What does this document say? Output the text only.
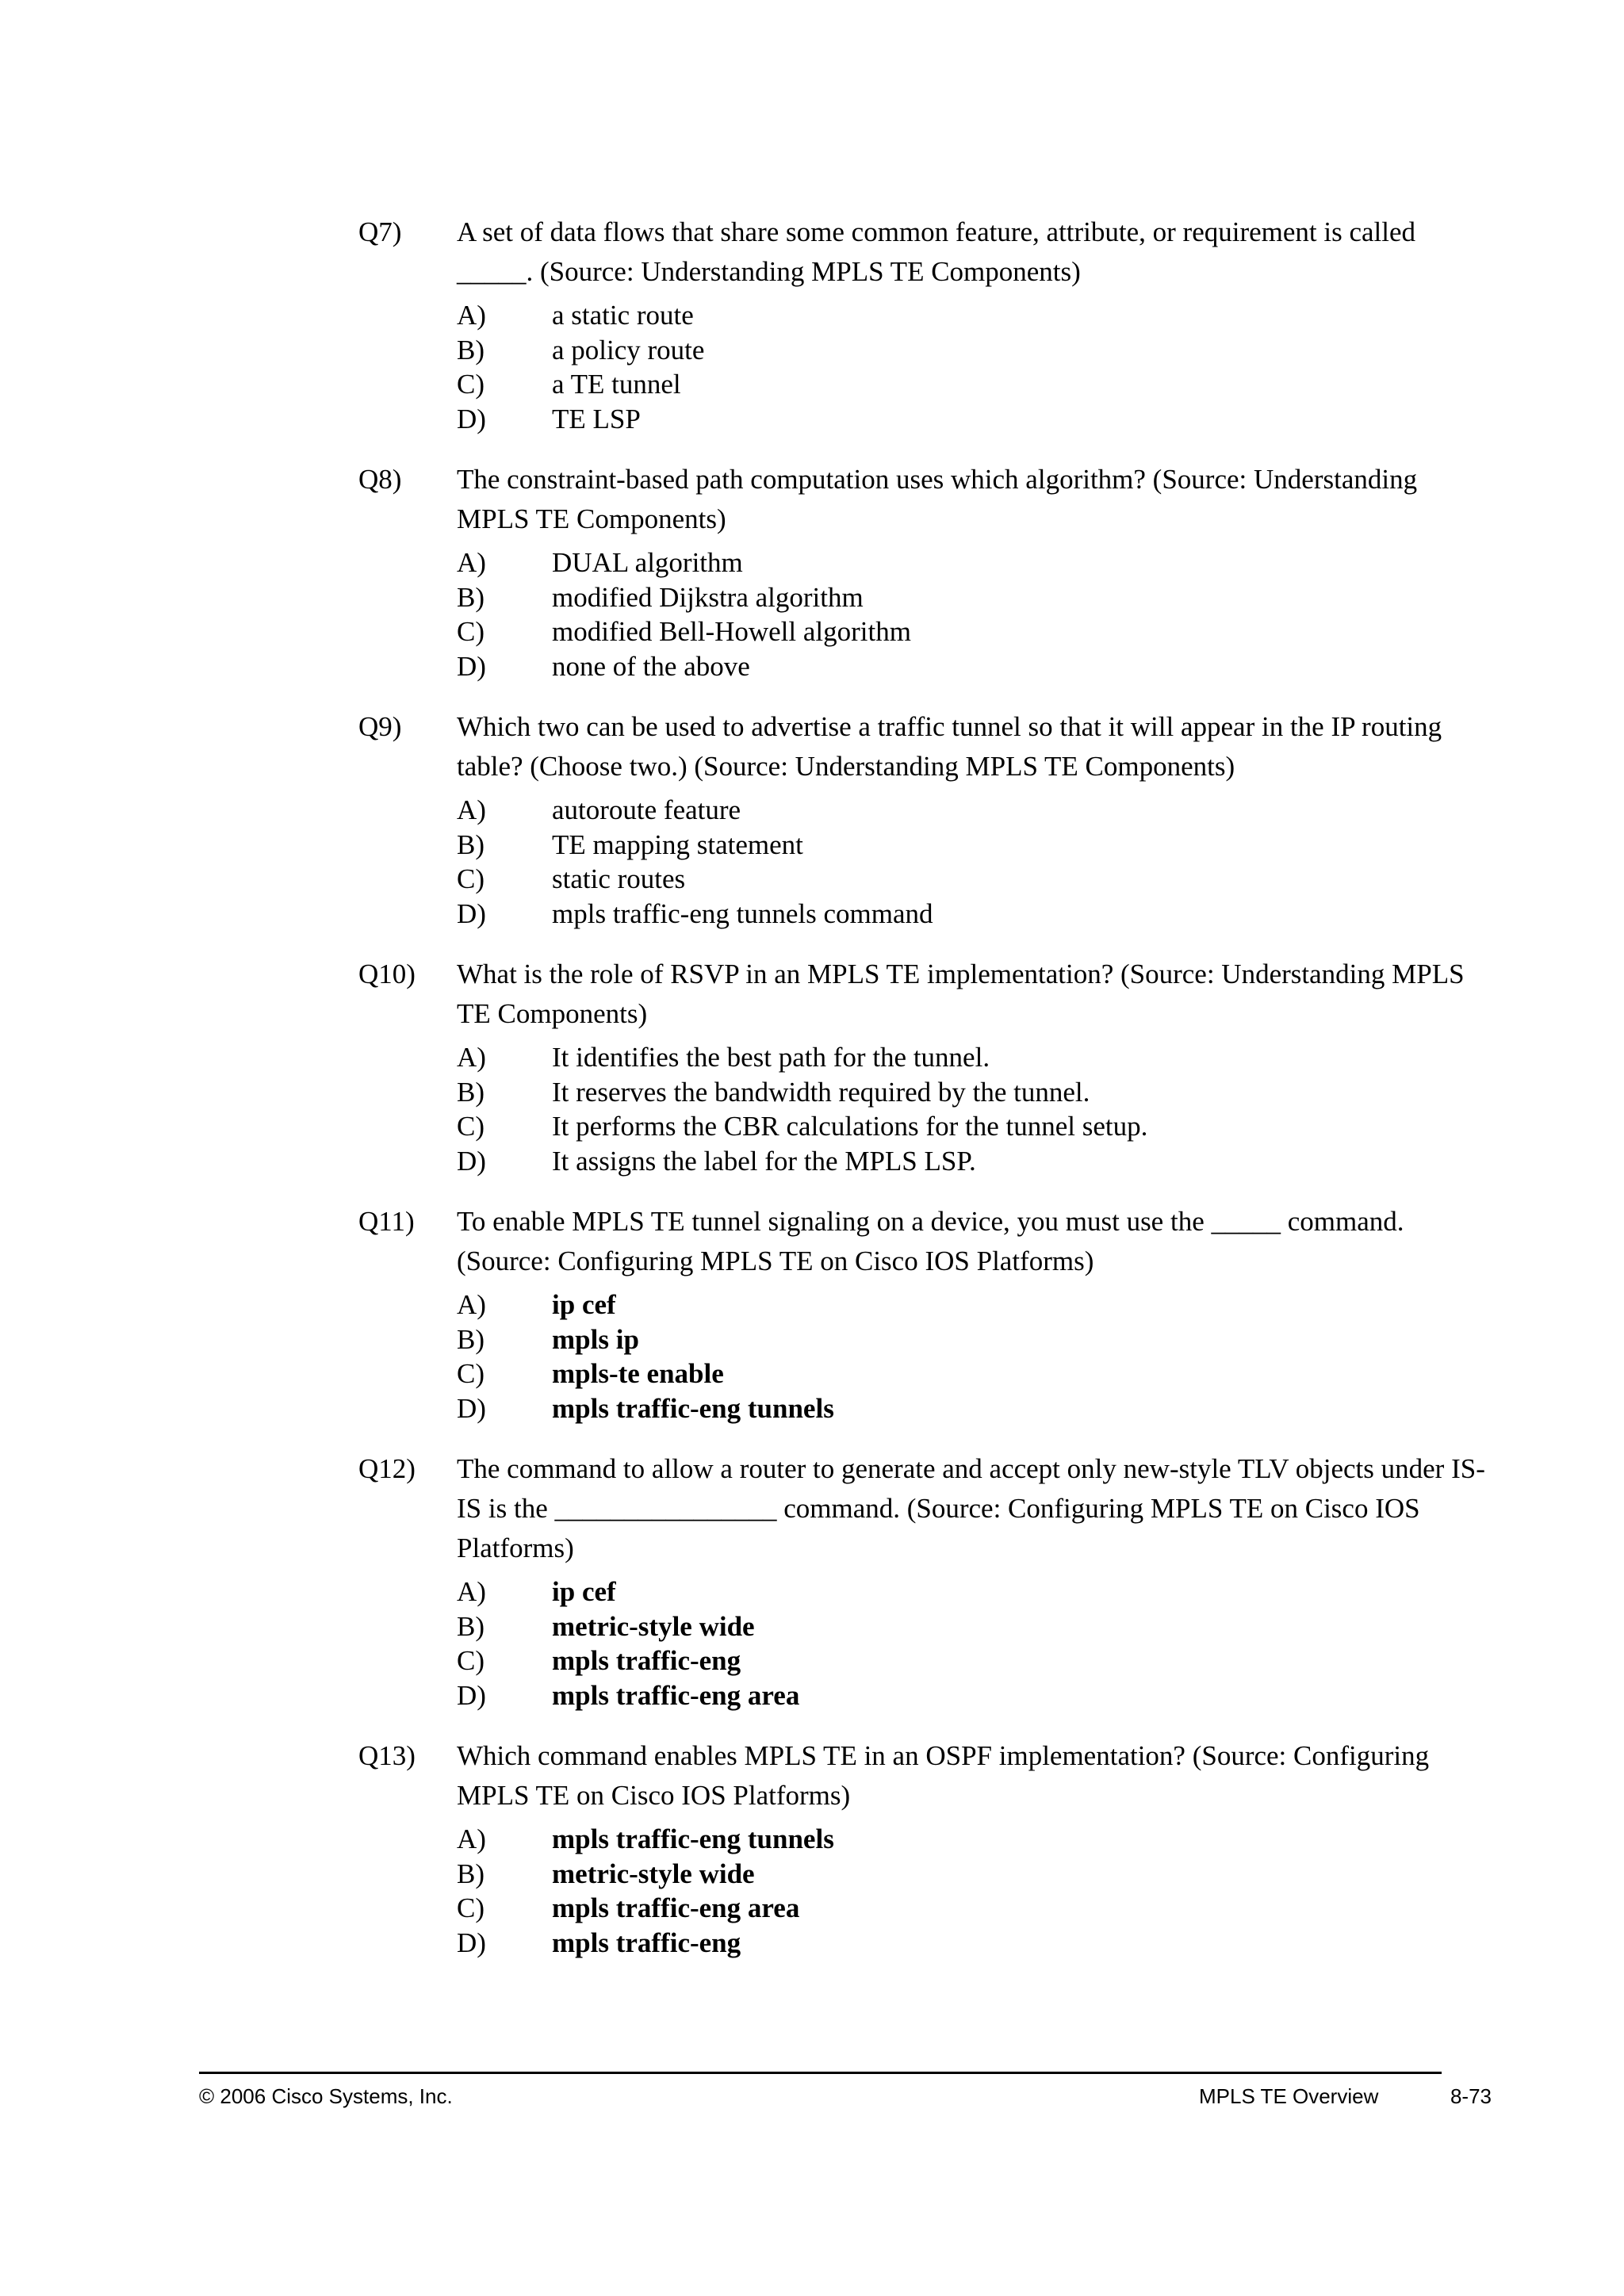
Q7)	A set of data flows that share some common feature, attribute, or requirement is called _____. (Source: Understanding MPLS TE Components)
A)	a static route
B)	a policy route
C)	a TE tunnel
D)	TE LSP
Q8)	The constraint-based path computation uses which algorithm? (Source: Understanding MPLS TE Components)
A)	DUAL algorithm
B)	modified Dijkstra algorithm
C)	modified Bell-Howell algorithm
D)	none of the above
Q9)	Which two can be used to advertise a traffic tunnel so that it will appear in the IP routing table? (Choose two.) (Source: Understanding MPLS TE Components)
A)	autoroute feature
B)	TE mapping statement
C)	static routes
D)	mpls traffic-eng tunnels command
Q10)	What is the role of RSVP in an MPLS TE implementation? (Source: Understanding MPLS TE Components)
A)	It identifies the best path for the tunnel.
B)	It reserves the bandwidth required by the tunnel.
C)	It performs the CBR calculations for the tunnel setup.
D)	It assigns the label for the MPLS LSP.
Q11)	To enable MPLS TE tunnel signaling on a device, you must use the _____ command. (Source: Configuring MPLS TE on Cisco IOS Platforms)
A)	ip cef
B)	mpls ip
C)	mpls-te enable
D)	mpls traffic-eng tunnels
Q12)	The command to allow a router to generate and accept only new-style TLV objects under IS-IS is the ________________ command. (Source: Configuring MPLS TE on Cisco IOS Platforms)
A)	ip cef
B)	metric-style wide
C)	mpls traffic-eng
D)	mpls traffic-eng area
Q13)	Which command enables MPLS TE in an OSPF implementation? (Source: Configuring MPLS TE on Cisco IOS Platforms)
A)	mpls traffic-eng tunnels
B)	metric-style wide
C)	mpls traffic-eng area
D)	mpls traffic-eng
© 2006 Cisco Systems, Inc.	MPLS TE Overview	8-73
